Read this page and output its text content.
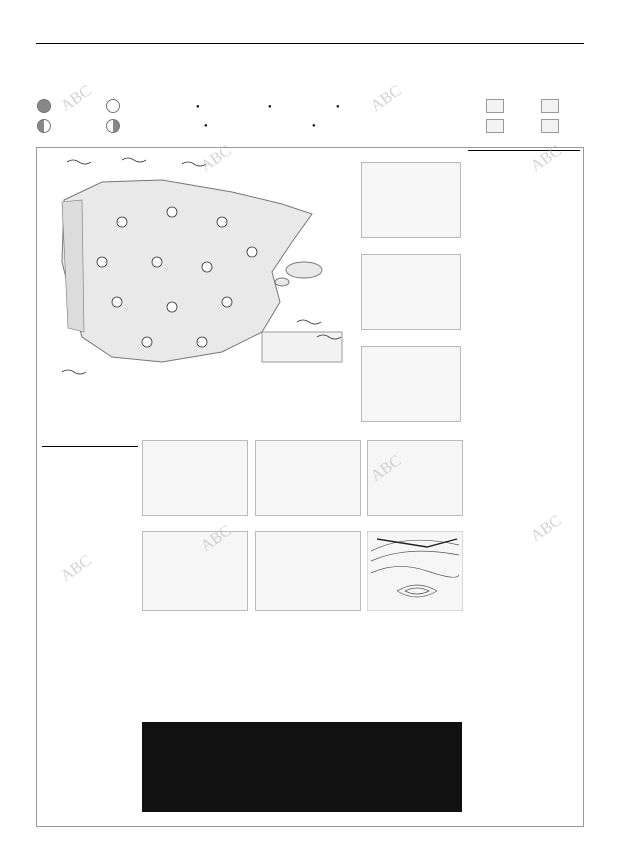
●
●
●
●
●
ABC
ABC
ABC
ABC
ABC
ABC
ABC
ABC
